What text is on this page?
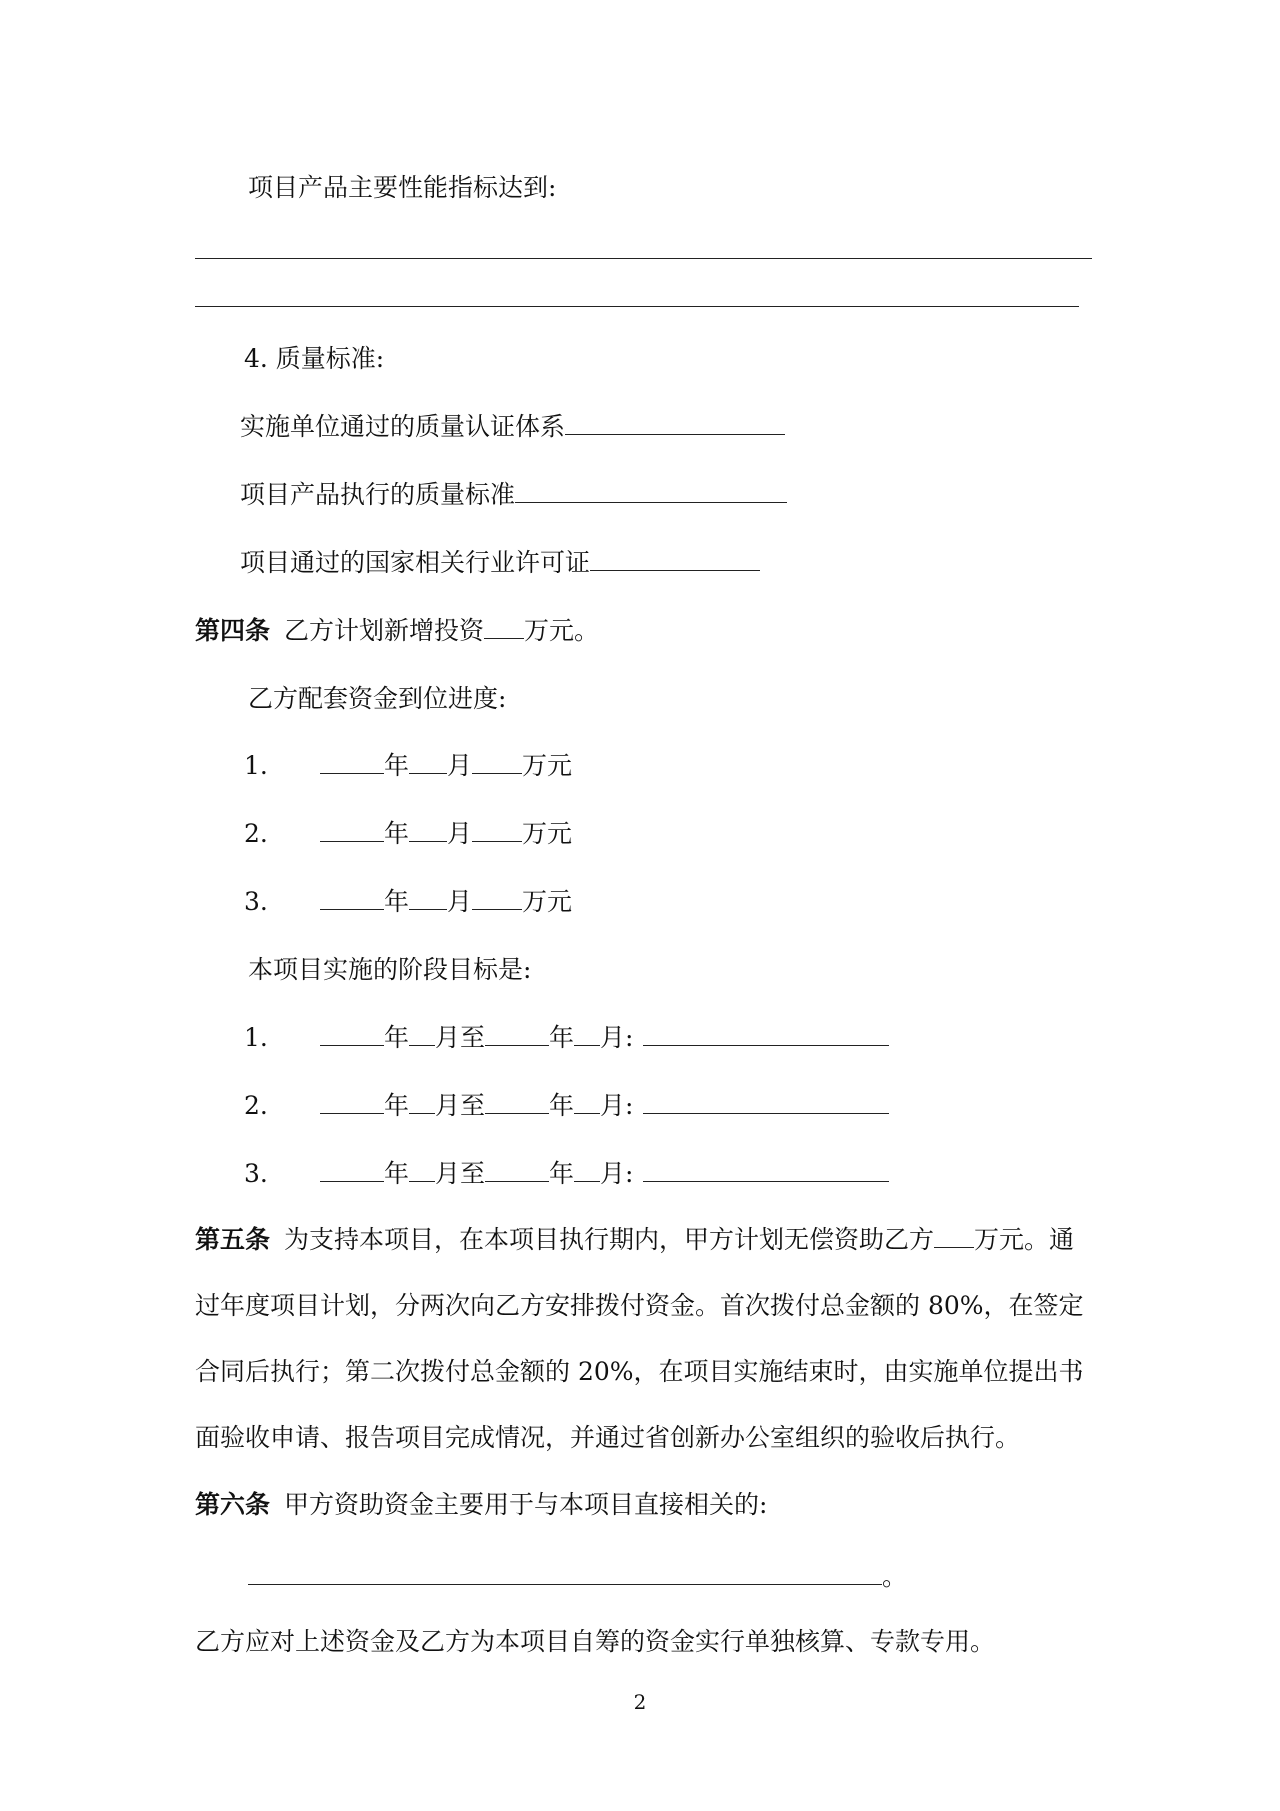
项目产品主要性能指标达到:
4. 质量标准:
实施单位通过的质量认证体系
项目产品执行的质量标准
项目通过的国家相关行业许可证
第四条 乙方计划新增投资 万元。
乙方配套资金到位进度:
1.	年 月 万元
2.	年 月 万元
3.	年 月 万元
本项目实施的阶段目标是:
1.	年 月至	年 月:
2.	年 月至	年 月:
3.	年 月至	年 月:
第五条 为支持本项目，在本项目执行期内，甲方计划无偿资助乙方 万元。通
过年度项目计划，分两次向乙方安排拨付资金。首次拨付总金额的 80%，在签定
合同后执行；第二次拨付总金额的 20%，在项目实施结束时，由实施单位提出书
面验收申请、报告项目完成情况，并通过省创新办公室组织的验收后执行。
第六条 甲方资助资金主要用于与本项目直接相关的:
。
乙方应对上述资金及乙方为本项目自筹的资金实行单独核算、专款专用。
2
